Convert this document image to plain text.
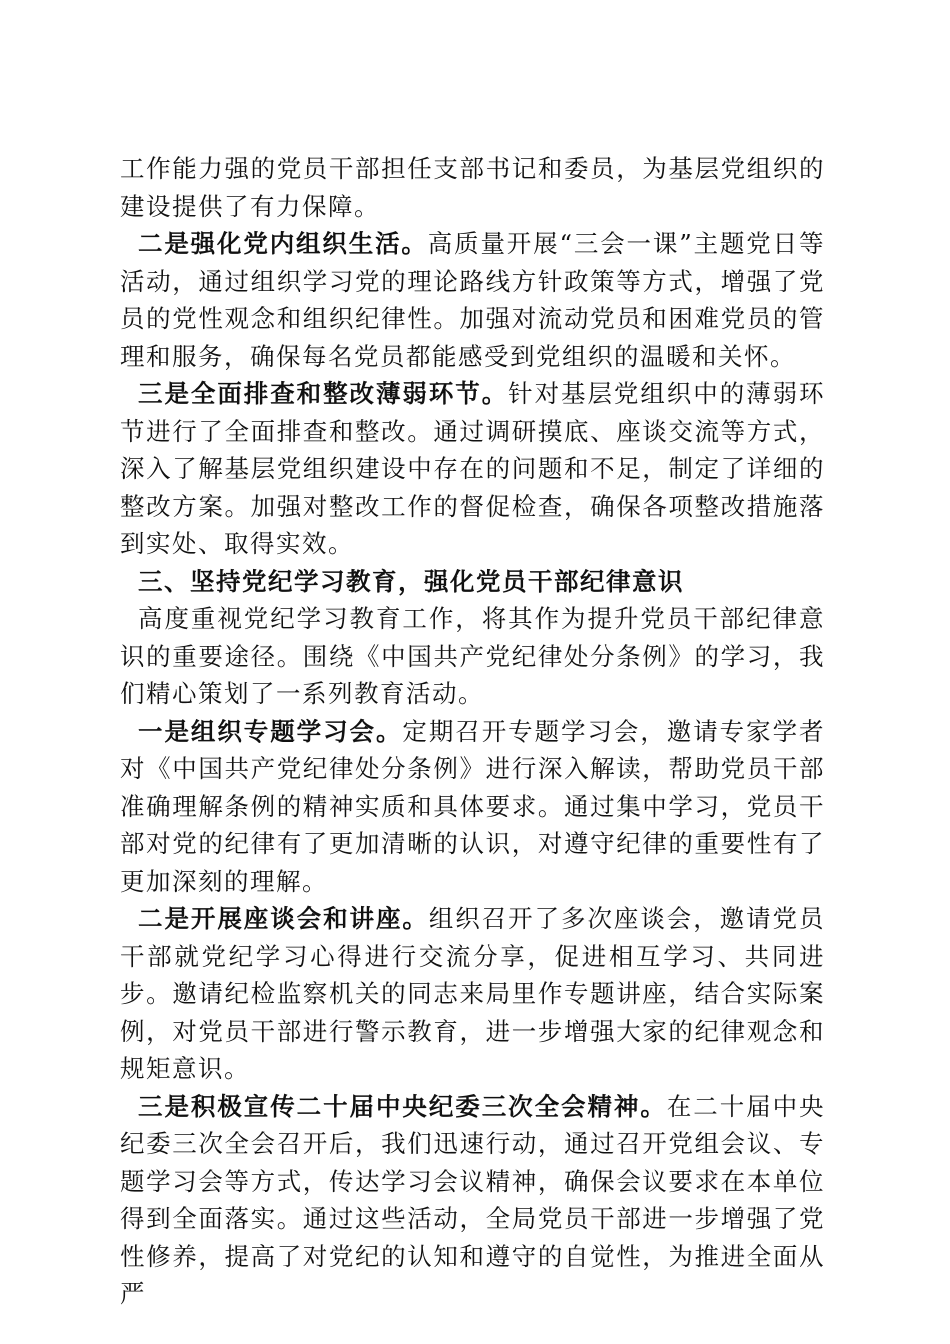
工作能力强的党员干部担任支部书记和委员，为基层党组织的建设提供了有力保障。

二是强化党内组织生活。高质量开展“三会一课”主题党日等活动，通过组织学习党的理论路线方针政策等方式，增强了党员的党性观念和组织纪律性。加强对流动党员和困难党员的管理和服务，确保每名党员都能感受到党组织的温暖和关怀。

三是全面排查和整改薄弱环节。针对基层党组织中的薄弱环节进行了全面排查和整改。通过调研摸底、座谈交流等方式，深入了解基层党组织建设中存在的问题和不足，制定了详细的整改方案。加强对整改工作的督促检查，确保各项整改措施落到实处、取得实效。

三、坚持党纪学习教育，强化党员干部纪律意识

高度重视党纪学习教育工作，将其作为提升党员干部纪律意识的重要途径。围绕《中国共产党纪律处分条例》的学习，我们精心策划了一系列教育活动。

一是组织专题学习会。定期召开专题学习会，邀请专家学者对《中国共产党纪律处分条例》进行深入解读，帮助党员干部准确理解条例的精神实质和具体要求。通过集中学习，党员干部对党的纪律有了更加清晰的认识，对遵守纪律的重要性有了更加深刻的理解。

二是开展座谈会和讲座。组织召开了多次座谈会，邀请党员干部就党纪学习心得进行交流分享，促进相互学习、共同进步。邀请纪检监察机关的同志来局里作专题讲座，结合实际案例，对党员干部进行警示教育，进一步增强大家的纪律观念和规矩意识。

三是积极宣传二十届中央纪委三次全会精神。在二十届中央纪委三次全会召开后，我们迅速行动，通过召开党组会议、专题学习会等方式，传达学习会议精神，确保会议要求在本单位得到全面落实。通过这些活动，全局党员干部进一步增强了党性修养，提高了对党纪的认知和遵守的自觉性，为推进全面从严
